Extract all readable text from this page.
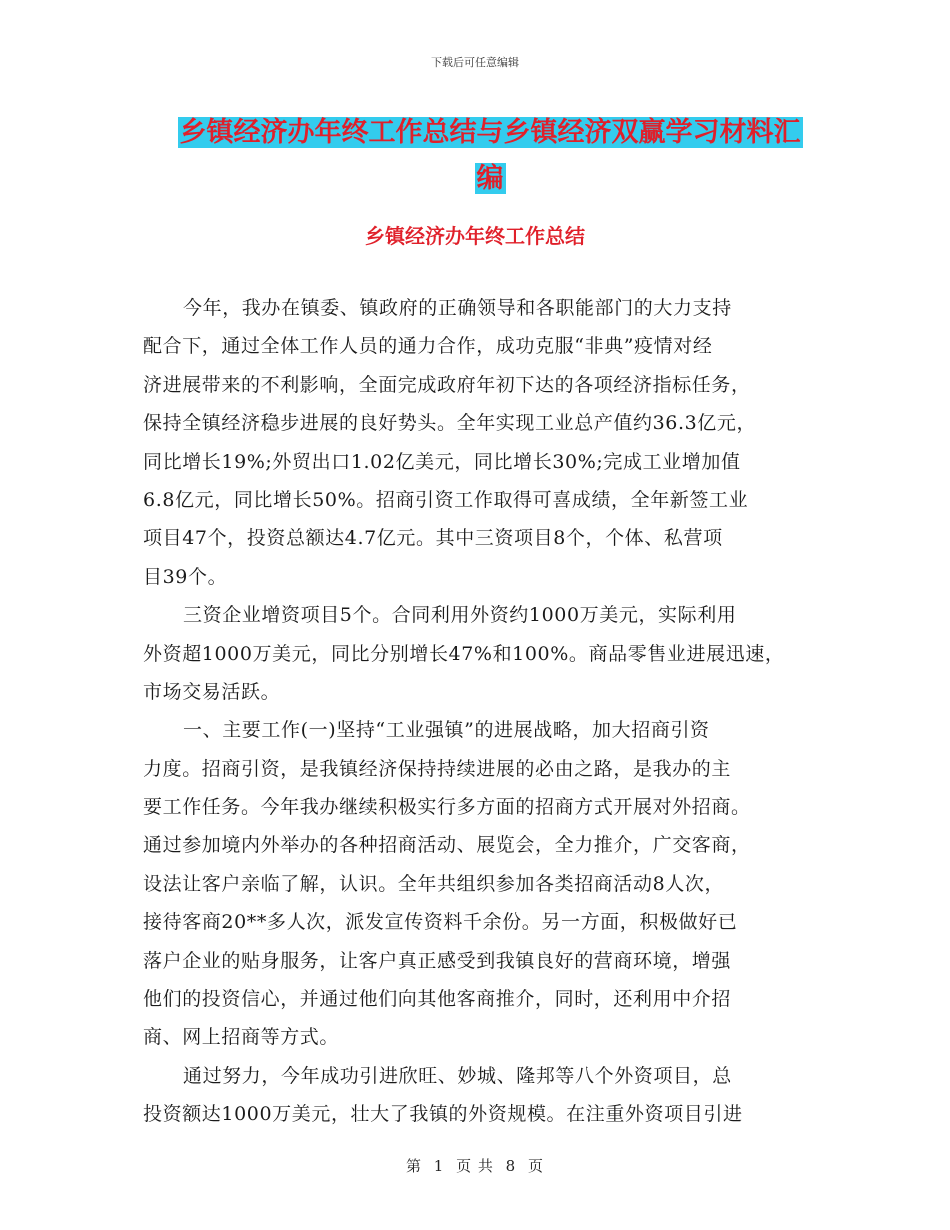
下载后可任意编辑
乡镇经济办年终工作总结与乡镇经济双赢学习材料汇
编
乡镇经济办年终工作总结
今年，我办在镇委、镇政府的正确领导和各职能部门的大力支持
配合下，通过全体工作人员的通力合作，成功克服“非典”疫情对经
济进展带来的不利影响，全面完成政府年初下达的各项经济指标任务，
保持全镇经济稳步进展的良好势头。全年实现工业总产值约36.3亿元，
同比增长19%;外贸出口1.02亿美元，同比增长30%;完成工业增加值
6.8亿元，同比增长50%。招商引资工作取得可喜成绩，全年新签工业
项目47个，投资总额达4.7亿元。其中三资项目8个，个体、私营项
目39个。
三资企业增资项目5个。合同利用外资约1000万美元，实际利用
外资超1000万美元，同比分别增长47%和100%。商品零售业进展迅速，
市场交易活跃。
一、主要工作(一)坚持“工业强镇”的进展战略，加大招商引资
力度。招商引资，是我镇经济保持持续进展的必由之路，是我办的主
要工作任务。今年我办继续积极实行多方面的招商方式开展对外招商。
通过参加境内外举办的各种招商活动、展览会，全力推介，广交客商，
设法让客户亲临了解，认识。全年共组织参加各类招商活动8人次，
接待客商20**多人次，派发宣传资料千余份。另一方面，积极做好已
落户企业的贴身服务，让客户真正感受到我镇良好的营商环境，增强
他们的投资信心，并通过他们向其他客商推介，同时，还利用中介招
商、网上招商等方式。
通过努力，今年成功引进欣旺、妙城、隆邦等八个外资项目，总
投资额达1000万美元，壮大了我镇的外资规模。在注重外资项目引进
第 1 页 共 8 页
